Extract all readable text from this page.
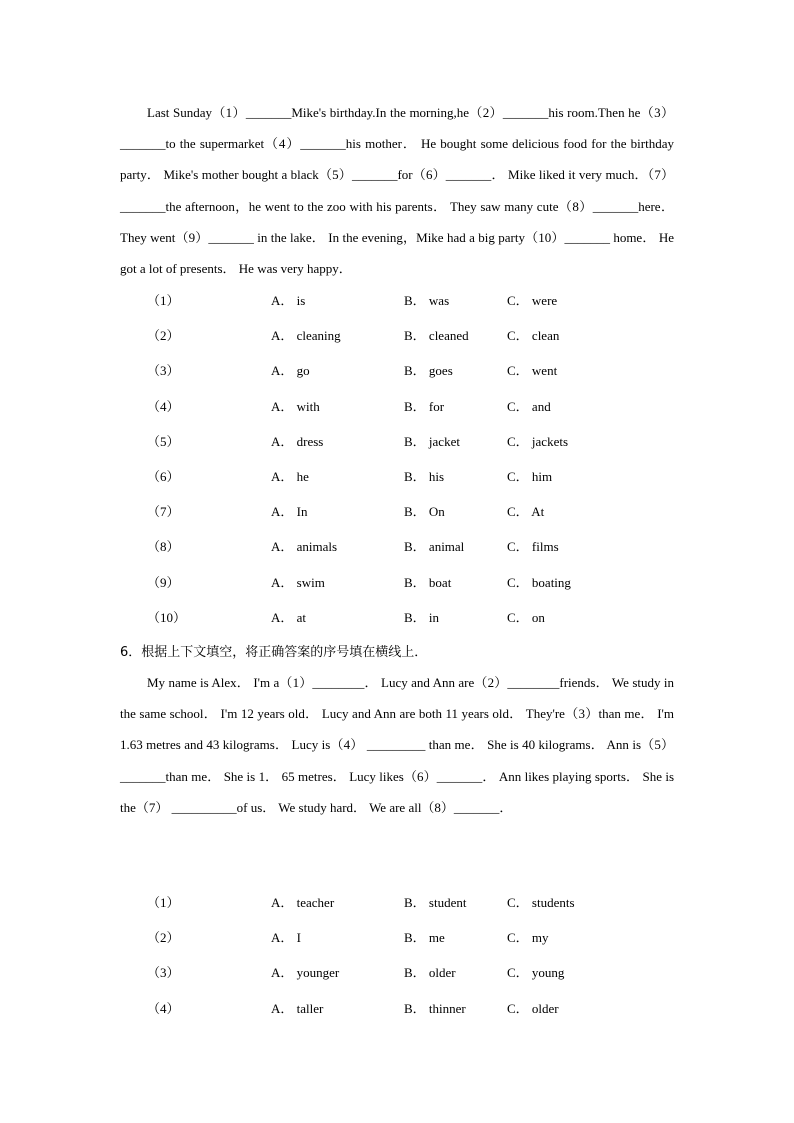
Last Sunday（1）_______Mike's birthday.In the morning,he（2）_______his room.Then he（3）_______to the supermarket（4）_______his mother． He bought some delicious food for the birthday party． Mike's mother bought a black（5）_______for（6）_______． Mike liked it very much．（7）_______the afternoon，he went to the zoo with his parents． They saw many cute（8）_______here． They went（9）_______ in the lake． In the evening，Mike had a big party（10）_______ home． He got a lot of presents． He was very happy．

（1）	A． is	B． was	C． were
（2）	A． cleaning	B． cleaned	C． clean
（3）	A． go	B． goes	C． went
（4）	A． with	B． for	C． and
（5）	A． dress	B． jacket	C． jackets
（6）	A． he	B． his	C． him
（7）	A． In	B． On	C． At
（8）	A． animals	B． animal	C． films
（9）	A． swim	B． boat	C． boating
（10）	A． at	B． in	C． on
6．根据上下文填空，将正确答案的序号填在横线上．

My name is Alex． I'm a（1）________． Lucy and Ann are（2）________friends． We study in the same school． I'm 12 years old． Lucy and Ann are both 11 years old． They're（3）than me． I'm 1.63 metres and 43 kilograms． Lucy is（4） _________ than me． She is 40 kilograms． Ann is（5）_______than me． She is 1． 65 metres． Lucy likes（6）_______． Ann likes playing sports． She is the（7） __________of us． We study hard． We are all（8）_______．

（1）	A． teacher	B． student	C． students
（2）	A． I	B． me	C． my
（3）	A． younger	B． older	C． young
（4）	A． taller	B． thinner	C． older
